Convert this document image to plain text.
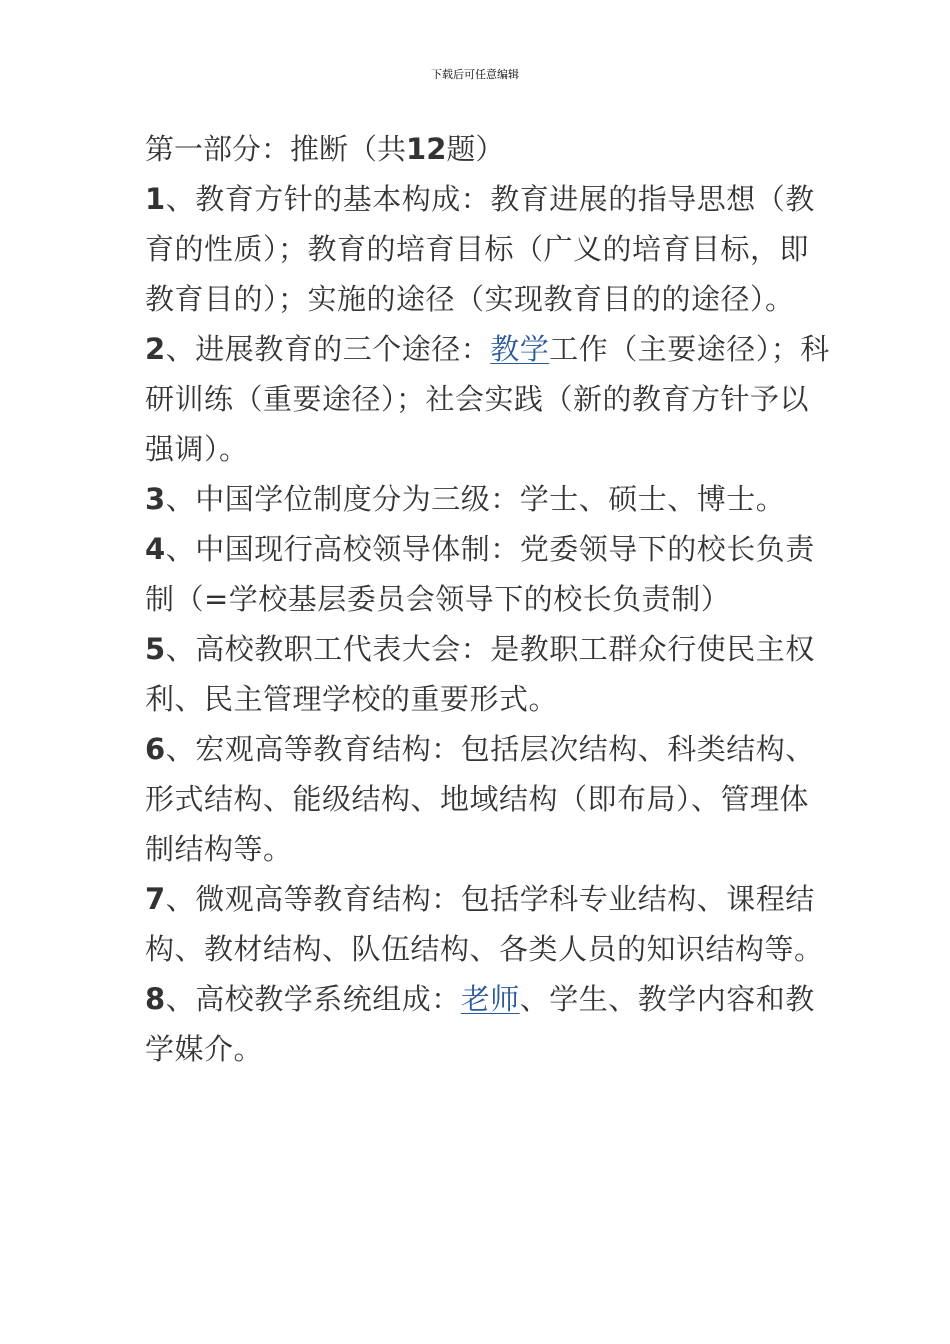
下载后可任意编辑

第一部分：推断（共12题）

1、教育方针的基本构成：教育进展的指导思想（教育的性质）；教育的培育目标（广义的培育目标，即教育目的）；实施的途径（实现教育目的的途径）。

2、进展教育的三个途径：教学工作（主要途径）；科研训练（重要途径）；社会实践（新的教育方针予以强调）。

3、中国学位制度分为三级：学士、硕士、博士。

4、中国现行高校领导体制：党委领导下的校长负责制（=学校基层委员会领导下的校长负责制）

5、高校教职工代表大会：是教职工群众行使民主权利、民主管理学校的重要形式。

6、宏观高等教育结构：包括层次结构、科类结构、形式结构、能级结构、地域结构（即布局）、管理体制结构等。

7、微观高等教育结构：包括学科专业结构、课程结构、教材结构、队伍结构、各类人员的知识结构等。

8、高校教学系统组成：老师、学生、教学内容和教学媒介。
